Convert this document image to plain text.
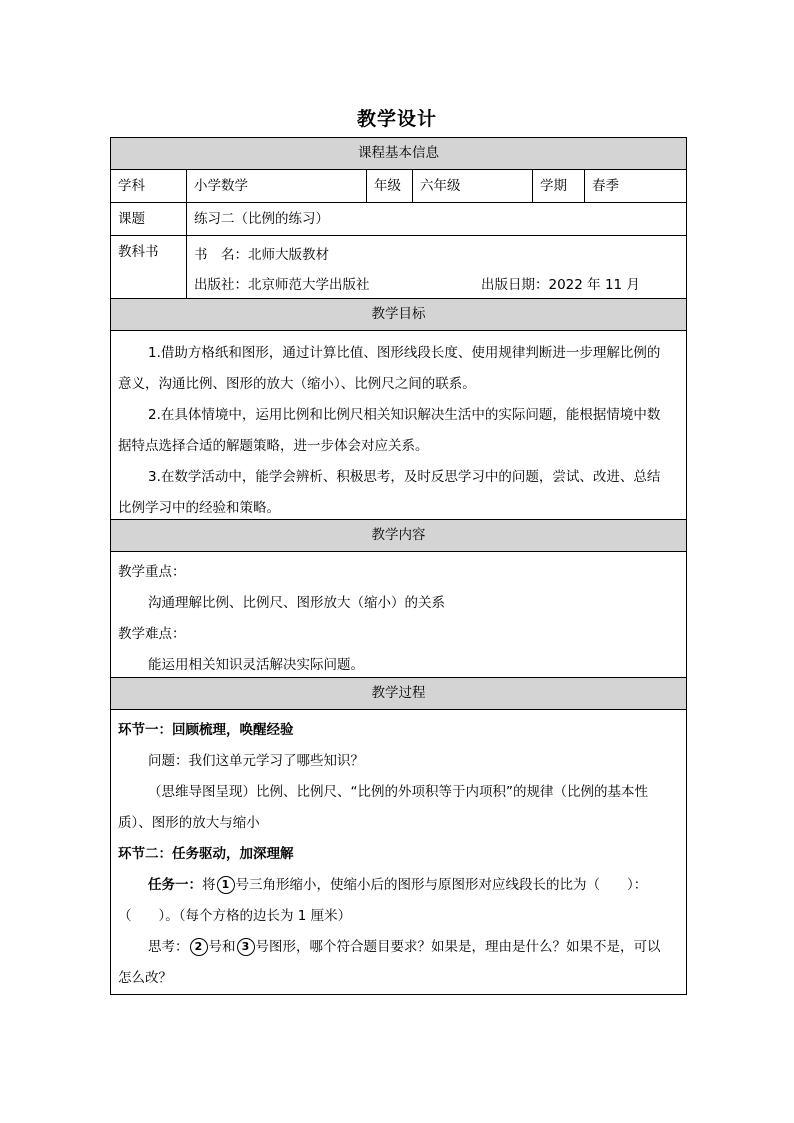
教学设计
课程基本信息
学科	小学数学	年级	六年级	学期	春季
课题	练习二（比例的练习）
教科书	书　名：北师大版教材
出版社：北京师范大学出版社	出版日期：2022 年 11 月
教学目标
1.借助方格纸和图形，通过计算比值、图形线段长度、使用规律判断进一步理解比例的
意义，沟通比例、图形的放大（缩小）、比例尺之间的联系。
2.在具体情境中，运用比例和比例尺相关知识解决生活中的实际问题，能根据情境中数
据特点选择合适的解题策略，进一步体会对应关系。
3.在数学活动中，能学会辨析、积极思考，及时反思学习中的问题，尝试、改进、总结
比例学习中的经验和策略。
教学内容
教学重点：
沟通理解比例、比例尺、图形放大（缩小）的关系
教学难点：
能运用相关知识灵活解决实际问题。
教学过程
环节一：回顾梳理，唤醒经验
问题：我们这单元学习了哪些知识？
（思维导图呈现）比例、比例尺、“比例的外项积等于内项积”的规律（比例的基本性
质）、图形的放大与缩小
环节二：任务驱动，加深理解
任务一：将 1 号三角形缩小，使缩小后的图形与原图形对应线段长的比为（　　）：
（　　）。（每个方格的边长为 1 厘米）
思考： 2 号和 3 号图形，哪个符合题目要求？如果是，理由是什么？如果不是，可以
怎么改？
